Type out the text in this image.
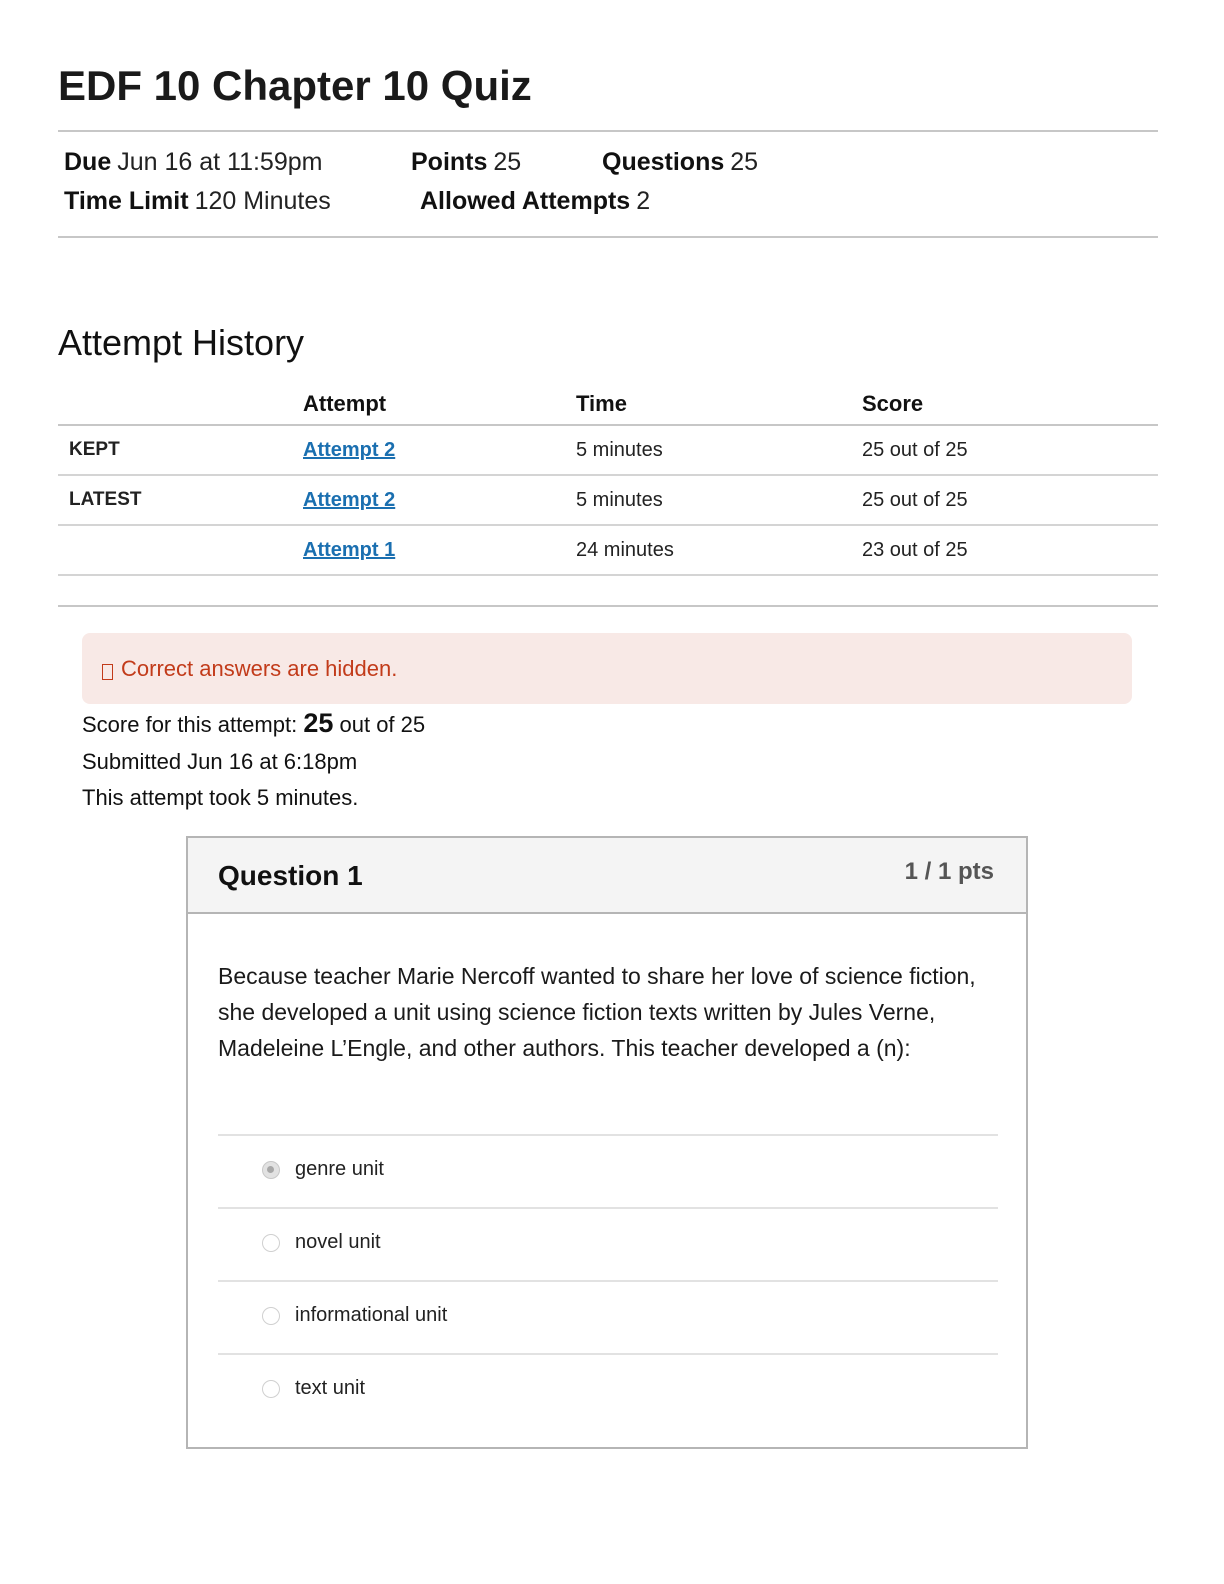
EDF 10 Chapter 10 Quiz
Due Jun 16 at 11:59pm	Points 25	Questions 25
Time Limit 120 Minutes	Allowed Attempts 2
Attempt History
	Attempt	Time	Score
KEPT	Attempt 2	5 minutes	25 out of 25
LATEST	Attempt 2	5 minutes	25 out of 25
	Attempt 1	24 minutes	23 out of 25
Correct answers are hidden.
Score for this attempt: 25 out of 25
Submitted Jun 16 at 6:18pm
This attempt took 5 minutes.
Question 1	1 / 1 pts
Because teacher Marie Nercoff wanted to share her love of science fiction, she developed a unit using science fiction texts written by Jules Verne, Madeleine L’Engle, and other authors. This teacher developed a (n):
genre unit
novel unit
informational unit
text unit
